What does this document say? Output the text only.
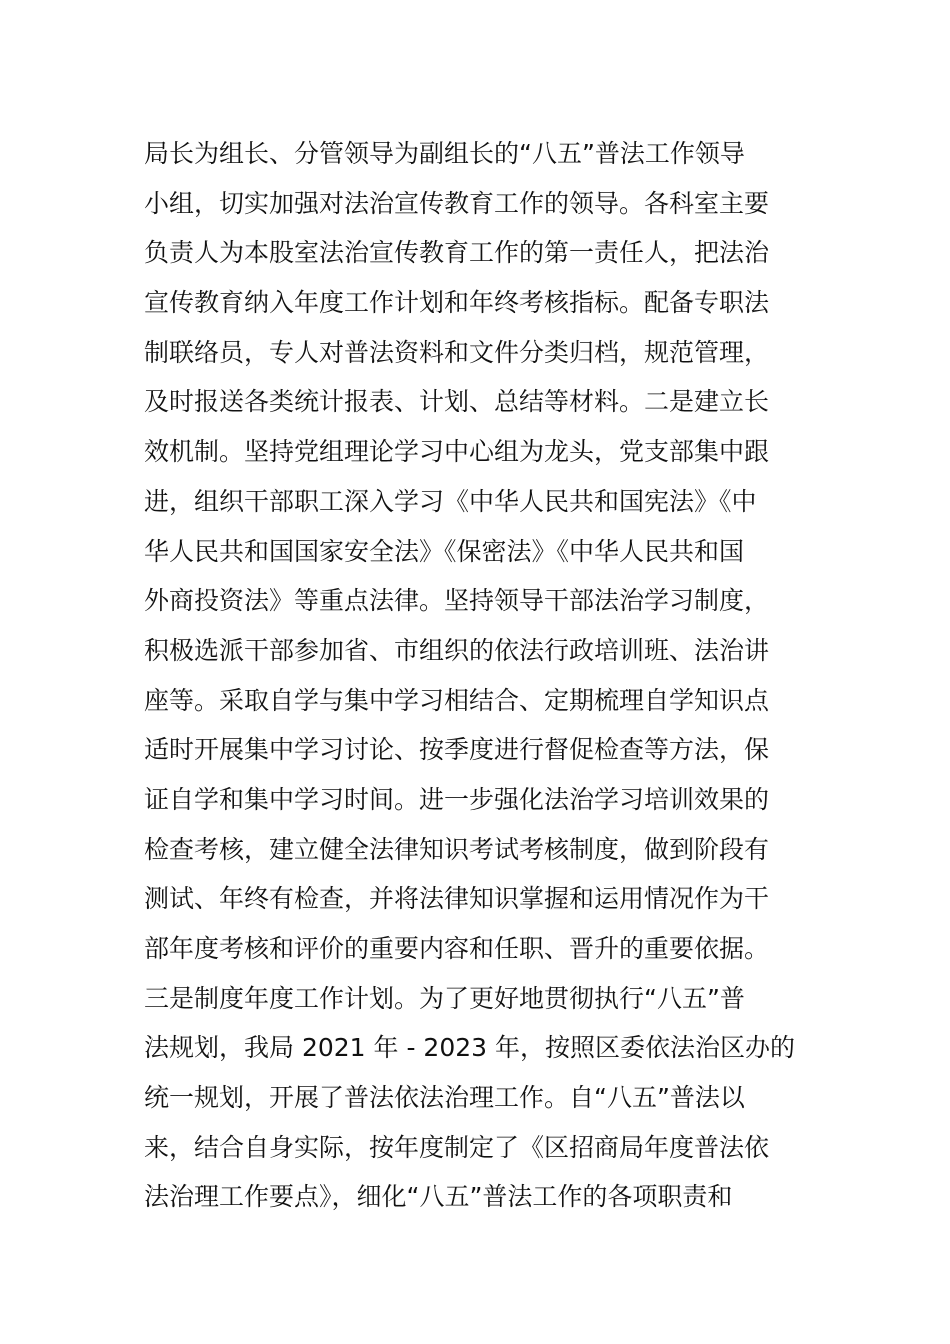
局长为组长、分管领导为副组长的“八五”普法工作领导
小组，切实加强对法治宣传教育工作的领导。各科室主要
负责人为本股室法治宣传教育工作的第一责任人，把法治
宣传教育纳入年度工作计划和年终考核指标。配备专职法
制联络员，专人对普法资料和文件分类归档，规范管理，
及时报送各类统计报表、计划、总结等材料。二是建立长
效机制。坚持党组理论学习中心组为龙头，党支部集中跟
进，组织干部职工深入学习《中华人民共和国宪法》《中
华人民共和国国家安全法》《保密法》《中华人民共和国
外商投资法》等重点法律。坚持领导干部法治学习制度，
积极选派干部参加省、市组织的依法行政培训班、法治讲
座等。采取自学与集中学习相结合、定期梳理自学知识点
适时开展集中学习讨论、按季度进行督促检查等方法，保
证自学和集中学习时间。进一步强化法治学习培训效果的
检查考核，建立健全法律知识考试考核制度，做到阶段有
测试、年终有检查，并将法律知识掌握和运用情况作为干
部年度考核和评价的重要内容和任职、晋升的重要依据。
三是制度年度工作计划。为了更好地贯彻执行“八五”普
法规划，我局 2021 年 - 2023 年，按照区委依法治区办的
统一规划，开展了普法依法治理工作。自“八五”普法以
来，结合自身实际，按年度制定了《区招商局年度普法依
法治理工作要点》，细化“八五”普法工作的各项职责和
